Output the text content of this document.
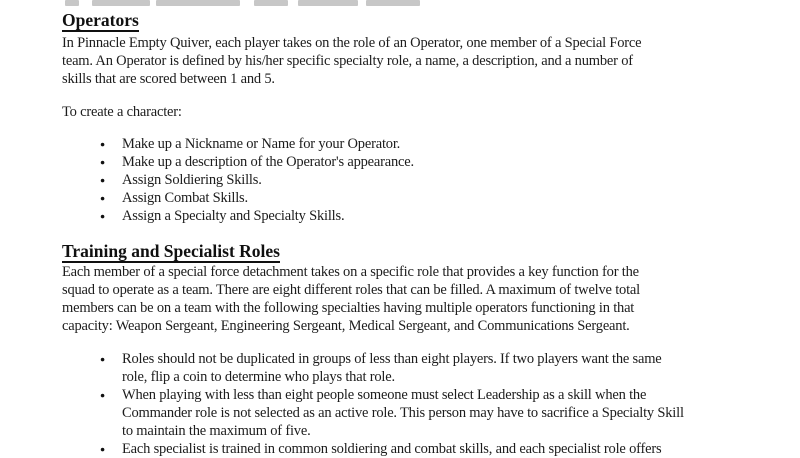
Operators
In Pinnacle Empty Quiver, each player takes on the role of an Operator, one member of a Special Force
team. An Operator is defined by his/her specific specialty role, a name, a description, and a number of
skills that are scored between 1 and 5.
To create a character:
●	Make up a Nickname or Name for your Operator.
●	Make up a description of the Operator's appearance.
●	Assign Soldiering Skills.
●	Assign Combat Skills.
●	Assign a Specialty and Specialty Skills.
Training and Specialist Roles
Each member of a special force detachment takes on a specific role that provides a key function for the
squad to operate as a team. There are eight different roles that can be filled. A maximum of twelve total
members can be on a team with the following specialties having multiple operators functioning in that
capacity: Weapon Sergeant, Engineering Sergeant, Medical Sergeant, and Communications Sergeant.
●	Roles should not be duplicated in groups of less than eight players. If two players want the same
role, flip a coin to determine who plays that role.
●	When playing with less than eight people someone must select Leadership as a skill when the
Commander role is not selected as an active role. This person may have to sacrifice a Specialty Skill
to maintain the maximum of five.
●	Each specialist is trained in common soldiering and combat skills, and each specialist role offers
